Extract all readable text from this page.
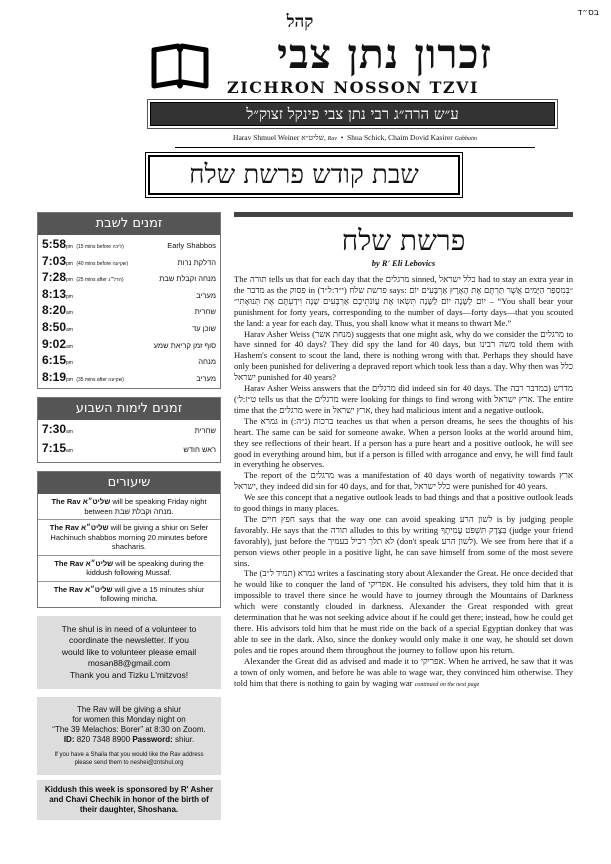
בס״ד
קהל
זכרון נתן צבי
ZICHRON NOSSON TZVI
ע״ש הרה״ג רבי נתן צבי פינקל זצוק״ל
Harav Shmuel Weiner שליט״א, Rav  •  Shua Schick, Chaim Dovid Kasirer Gabbaim
שבת קודש פרשת שלח
זמנים לשבת
5:58pm (15 mins before ליכה)	Early Shabbos
7:03pm (40 mins before שקיעה)	הדלקת נרות
7:28pm (25 mins after הדל״נ)	מנחה וקבלת שבת
8:13pm	מעריב
8:20am	שחרית
8:50am	שוכן עד
9:02am	סוף זמן קריאת שמע
6:15pm	מנחה
8:19pm (35 mins after שקיעה)	מעריב
זמנים לימות השבוע
7:30am	שחרית
7:15am	ראש חודש
שיעורים
The Rav שליט״א will be speaking Friday night between מנחה וקבלת שבת.
The Rav שליט״א will be giving a shiur on Sefer Hachinuch shabbos morning 20 minutes before shacharis.
The Rav שליט״א will be speaking during the kiddush following Mussaf.
The Rav שליט״א will give a 15 minutes shiur following mincha.
The shul is in need of a volunteer to
coordinate the newsletter. If you
would like to volunteer please email
mosan88@gmail.com
Thank you and Tizku L'mitzvos!
The Rav will be giving a shiur
for women this Monday night on
“The 39 Melachos: Borer” at 8:30 on Zoom.
ID: 820 7348 8900 Password: shiur.
If you have a Shaila that you would like the Rav address
please send them to neshei@zntshul.org
Kiddush this week is sponsored by R' Asher
and Chavi Chechik in honor of the birth of
their daughter, Shoshana.
פרשת שלח
by R' Eli Lebovics

The תורה tells us that for each day that the מרגלים sinned, כלל ישראל had to stay an extra year in the מדבר as the פסוק in פרשת שלח (י״ד:ל״ד) says: ״בְּמִסְפַּר הַיָּמִים אֲשֶׁר תַּרְתֶּם אֶת הָאָרֶץ אַרְבָּעִים יוֹם יוֹם לַשָּׁנָה יוֹם לַשָּׁנָה תִּשְׂאוּ אֶת עֲוֹנֹתֵיכֶם אַרְבָּעִים שָׁנָה וִידַעְתֶּם אֶת תְּנוּאָתִי״ – “You shall bear your punishment for forty years, corresponding to the number of days—forty days—that you scouted the land: a year for each day. Thus, you shall know what it means to thwart Me.”

Harav Asher Weiss (מנחת אשר) suggests that one might ask, why do we consider the מרגלים to have sinned for 40 days? They did spy the land for 40 days, but משה רבינו told them with Hashem's consent to scout the land, there is nothing wrong with that. Perhaps they should have only been punished for delivering a depraved report which took less than a day. Why then was כלל ישראל punished for 40 years?

Harav Asher Weiss answers that the מרגלים did indeed sin for 40 days. The מדרש (במדבר רבה ט״ז:ל׳) tells us that the מרגלים were looking for things to find wrong with ארץ ישראל. The entire time that the מרגלים were in ארץ ישראל, they had malicious intent and a negative outlook.

The גמרא in ברכות (נ״ה:) teaches us that when a person dreams, he sees the thoughts of his heart. The same can be said for someone awake. When a person looks at the world around him, they see reflections of their heart. If a person has a pure heart and a positive outlook, he will see good in everything around him, but if a person is filled with arrogance and envy, he will find fault in everything he observes.

The report of the מרגלים was a manifestation of 40 days worth of negativity towards ארץ ישראל, they indeed did sin for 40 days, and for that, כלל ישראל were punished for 40 years.

We see this concept that a negative outlook leads to bad things and that a positive outlook leads to good things in many places.

The חפץ חיים says that the way one can avoid speaking לשון הרע is by judging people favorably. He says that the תורה alludes to this by writing בְּצֶדֶק תִּשְׁפֹּט עֲמִיתֶךָ (judge your friend favorably), just before the לא תלך רכיל בעמיך (don't speak לשון הרע). We see from here that if a person views other people in a positive light, he can save himself from some of the most severe sins.

The גמרא (תמיד ל״ב) writes a fascinating story about Alexander the Great. He once decided that he would like to conquer the land of אפריקי. He consulted his advisers, they told him that it is impossible to travel there since he would have to journey through the Mountains of Darkness which were constantly clouded in darkness. Alexander the Great responded with great determination that he was not seeking advice about if he could get there; instead, how he could get there. His advisors told him that he must ride on the back of a special Egyptian donkey that was able to see in the dark. Also, since the donkey would only make it one way, he should set down poles and tie ropes around them throughout the journey to follow upon his return.

Alexander the Great did as advised and made it to אפריקי. When he arrived, he saw that it was a town of only women, and before he was able to wage war, they convinced him otherwise. They told him that there is nothing to gain by waging war continued on the next page
